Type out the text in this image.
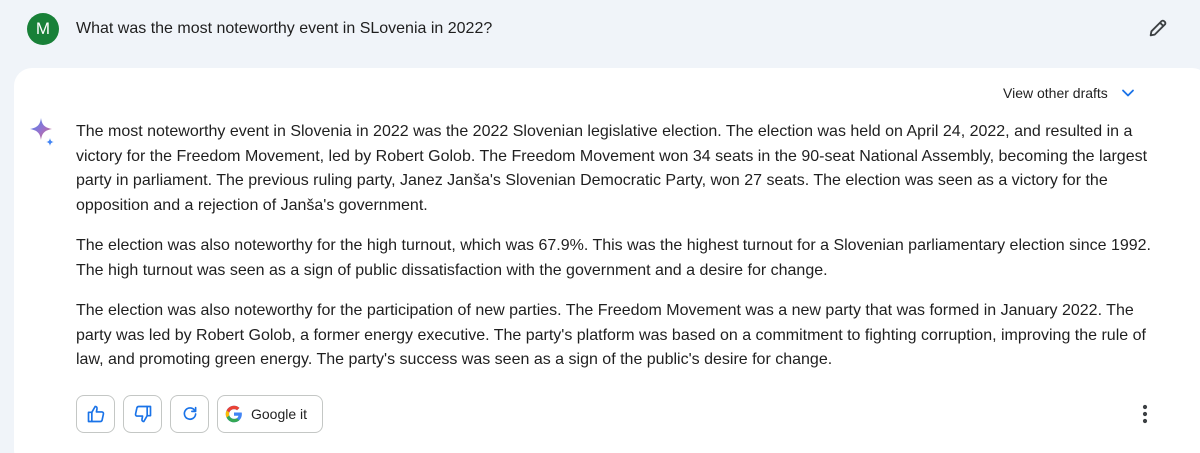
M	What was the most noteworthy event in SLovenia in 2022?
View other drafts

The most noteworthy event in Slovenia in 2022 was the 2022 Slovenian legislative election. The election was held on April 24, 2022, and resulted in a victory for the Freedom Movement, led by Robert Golob. The Freedom Movement won 34 seats in the 90-seat National Assembly, becoming the largest party in parliament. The previous ruling party, Janez Janša's Slovenian Democratic Party, won 27 seats. The election was seen as a victory for the opposition and a rejection of Janša's government.

The election was also noteworthy for the high turnout, which was 67.9%. This was the highest turnout for a Slovenian parliamentary election since 1992. The high turnout was seen as a sign of public dissatisfaction with the government and a desire for change.

The election was also noteworthy for the participation of new parties. The Freedom Movement was a new party that was formed in January 2022. The party was led by Robert Golob, a former energy executive. The party's platform was based on a commitment to fighting corruption, improving the rule of law, and promoting green energy. The party's success was seen as a sign of the public's desire for change.

Google it
